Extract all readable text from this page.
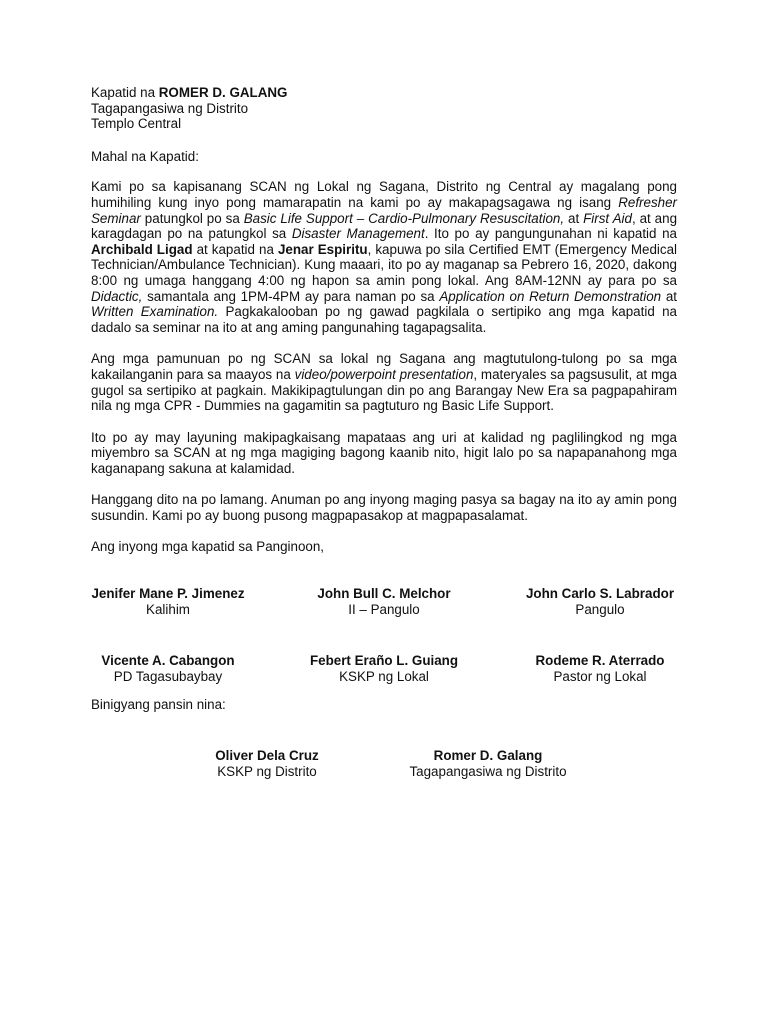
Kapatid na ROMER D. GALANG
Tagapangasiwa ng Distrito
Templo Central
Mahal na Kapatid:

Kami po sa kapisanang SCAN ng Lokal ng Sagana, Distrito ng Central ay magalang pong humihiling kung inyo pong mamarapatin na kami po ay makapagsagawa ng isang Refresher Seminar patungkol po sa Basic Life Support – Cardio-Pulmonary Resuscitation, at First Aid, at ang karagdagan po na patungkol sa Disaster Management. Ito po ay pangungunahan ni kapatid na Archibald Ligad at kapatid na Jenar Espiritu, kapuwa po sila Certified EMT (Emergency Medical Technician/Ambulance Technician). Kung maaari, ito po ay maganap sa Pebrero 16, 2020, dakong 8:00 ng umaga hanggang 4:00 ng hapon sa amin pong lokal. Ang 8AM-12NN ay para po sa Didactic, samantala ang 1PM-4PM ay para naman po sa Application on Return Demonstration at Written Examination. Pagkakalooban po ng gawad pagkilala o sertipiko ang mga kapatid na dadalo sa seminar na ito at ang aming pangunahing tagapagsalita.

Ang mga pamunuan po ng SCAN sa lokal ng Sagana ang magtutulong-tulong po sa mga kakailanganin para sa maayos na video/powerpoint presentation, materyales sa pagsusulit, at mga gugol sa sertipiko at pagkain. Makikipagtulungan din po ang Barangay New Era sa pagpapahiram nila ng mga CPR - Dummies na gagamitin sa pagtuturo ng Basic Life Support.

Ito po ay may layuning makipagkaisang mapataas ang uri at kalidad ng paglilingkod ng mga miyembro sa SCAN at ng mga magiging bagong kaanib nito, higit lalo po sa napapanahong mga kaganapang sakuna at kalamidad.

Hanggang dito na po lamang. Anuman po ang inyong maging pasya sa bagay na ito ay amin pong susundin. Kami po ay buong pusong magpapasakop at magpapasalamat.

Ang inyong mga kapatid sa Panginoon,
Jenifer Mane P. Jimenez
Kalihim
John Bull C. Melchor
II – Pangulo
John Carlo S. Labrador
Pangulo
Vicente A. Cabangon
PD Tagasubaybay
Febert Eraño L. Guiang
KSKP ng Lokal
Rodeme R. Aterrado
Pastor ng Lokal
Binigyang pansin nina:
Oliver Dela Cruz
KSKP ng Distrito
Romer D. Galang
Tagapangasiwa ng Distrito
